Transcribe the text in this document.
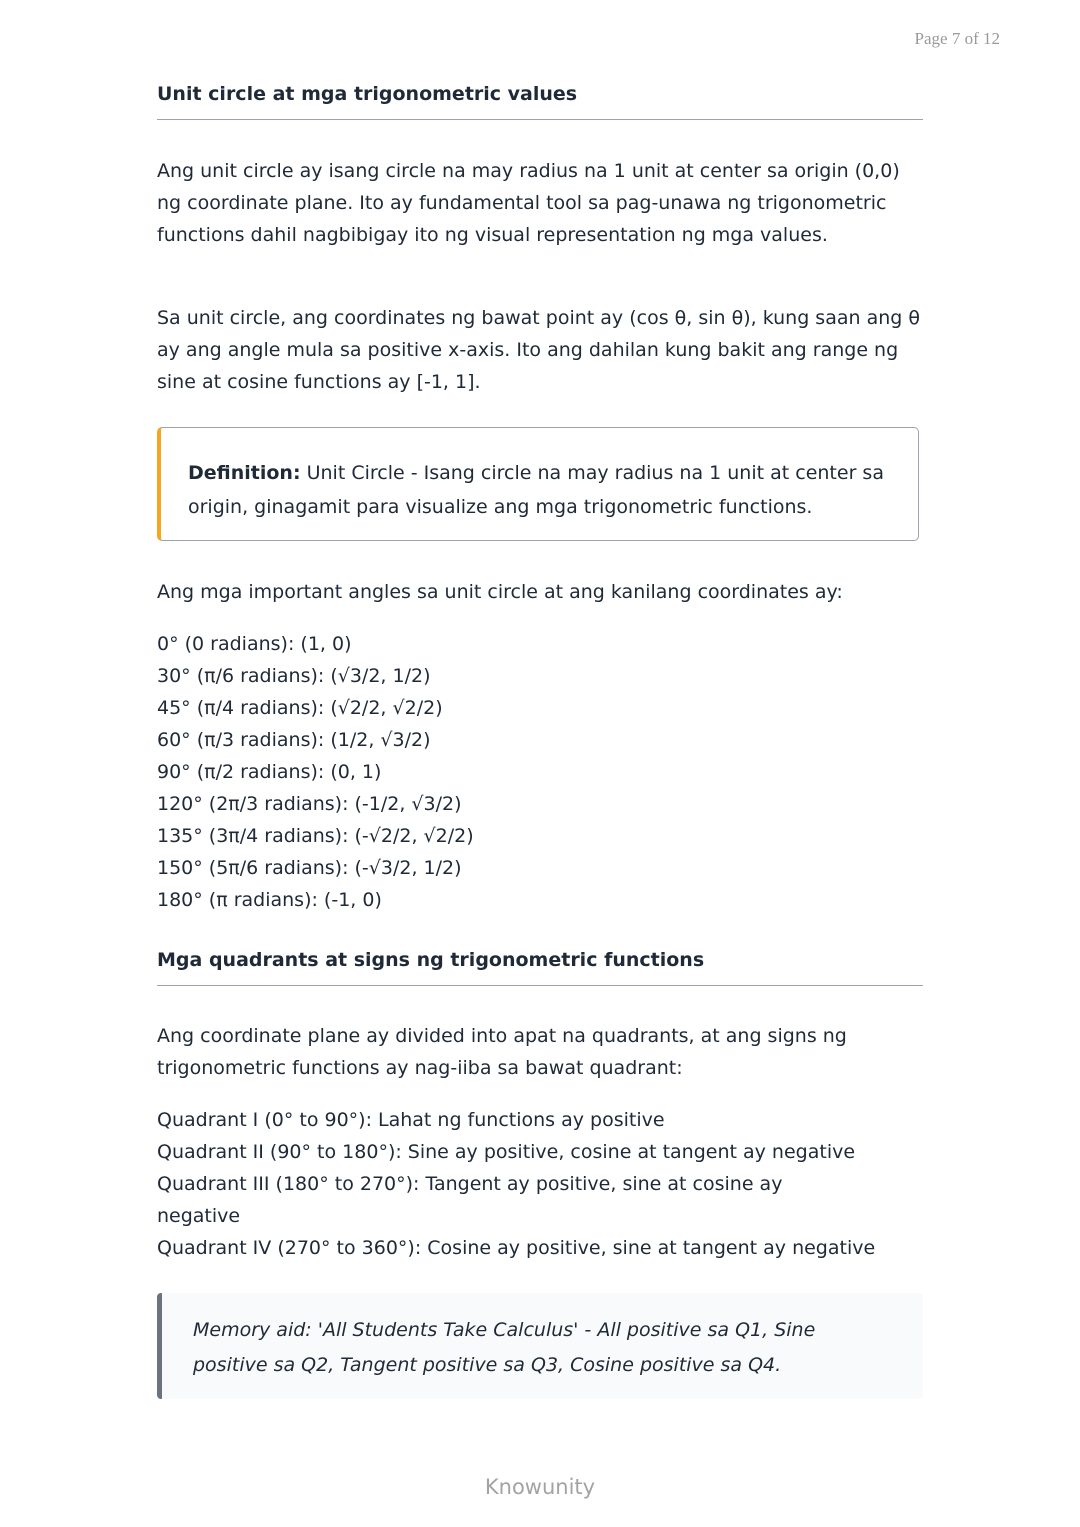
Page 7 of 12
Unit circle at mga trigonometric values

Ang unit circle ay isang circle na may radius na 1 unit at center sa origin (0,0) ng coordinate plane. Ito ay fundamental tool sa pag-unawa ng trigonometric functions dahil nagbibigay ito ng visual representation ng mga values.

Sa unit circle, ang coordinates ng bawat point ay (cos θ, sin θ), kung saan ang θ ay ang angle mula sa positive x-axis. Ito ang dahilan kung bakit ang range ng sine at cosine functions ay [-1, 1].

Definition: Unit Circle - Isang circle na may radius na 1 unit at center sa origin, ginagamit para visualize ang mga trigonometric functions.

Ang mga important angles sa unit circle at ang kanilang coordinates ay:

0° (0 radians): (1, 0)
30° (π/6 radians): (√3/2, 1/2)
45° (π/4 radians): (√2/2, √2/2)
60° (π/3 radians): (1/2, √3/2)
90° (π/2 radians): (0, 1)
120° (2π/3 radians): (-1/2, √3/2)
135° (3π/4 radians): (-√2/2, √2/2)
150° (5π/6 radians): (-√3/2, 1/2)
180° (π radians): (-1, 0)
Mga quadrants at signs ng trigonometric functions

Ang coordinate plane ay divided into apat na quadrants, at ang signs ng trigonometric functions ay nag-iiba sa bawat quadrant:

Quadrant I (0° to 90°): Lahat ng functions ay positive
Quadrant II (90° to 180°): Sine ay positive, cosine at tangent ay negative
Quadrant III (180° to 270°): Tangent ay positive, sine at cosine ay negative
Quadrant IV (270° to 360°): Cosine ay positive, sine at tangent ay negative
Memory aid: 'All Students Take Calculus' - All positive sa Q1, Sine positive sa Q2, Tangent positive sa Q3, Cosine positive sa Q4.
Knowunity
